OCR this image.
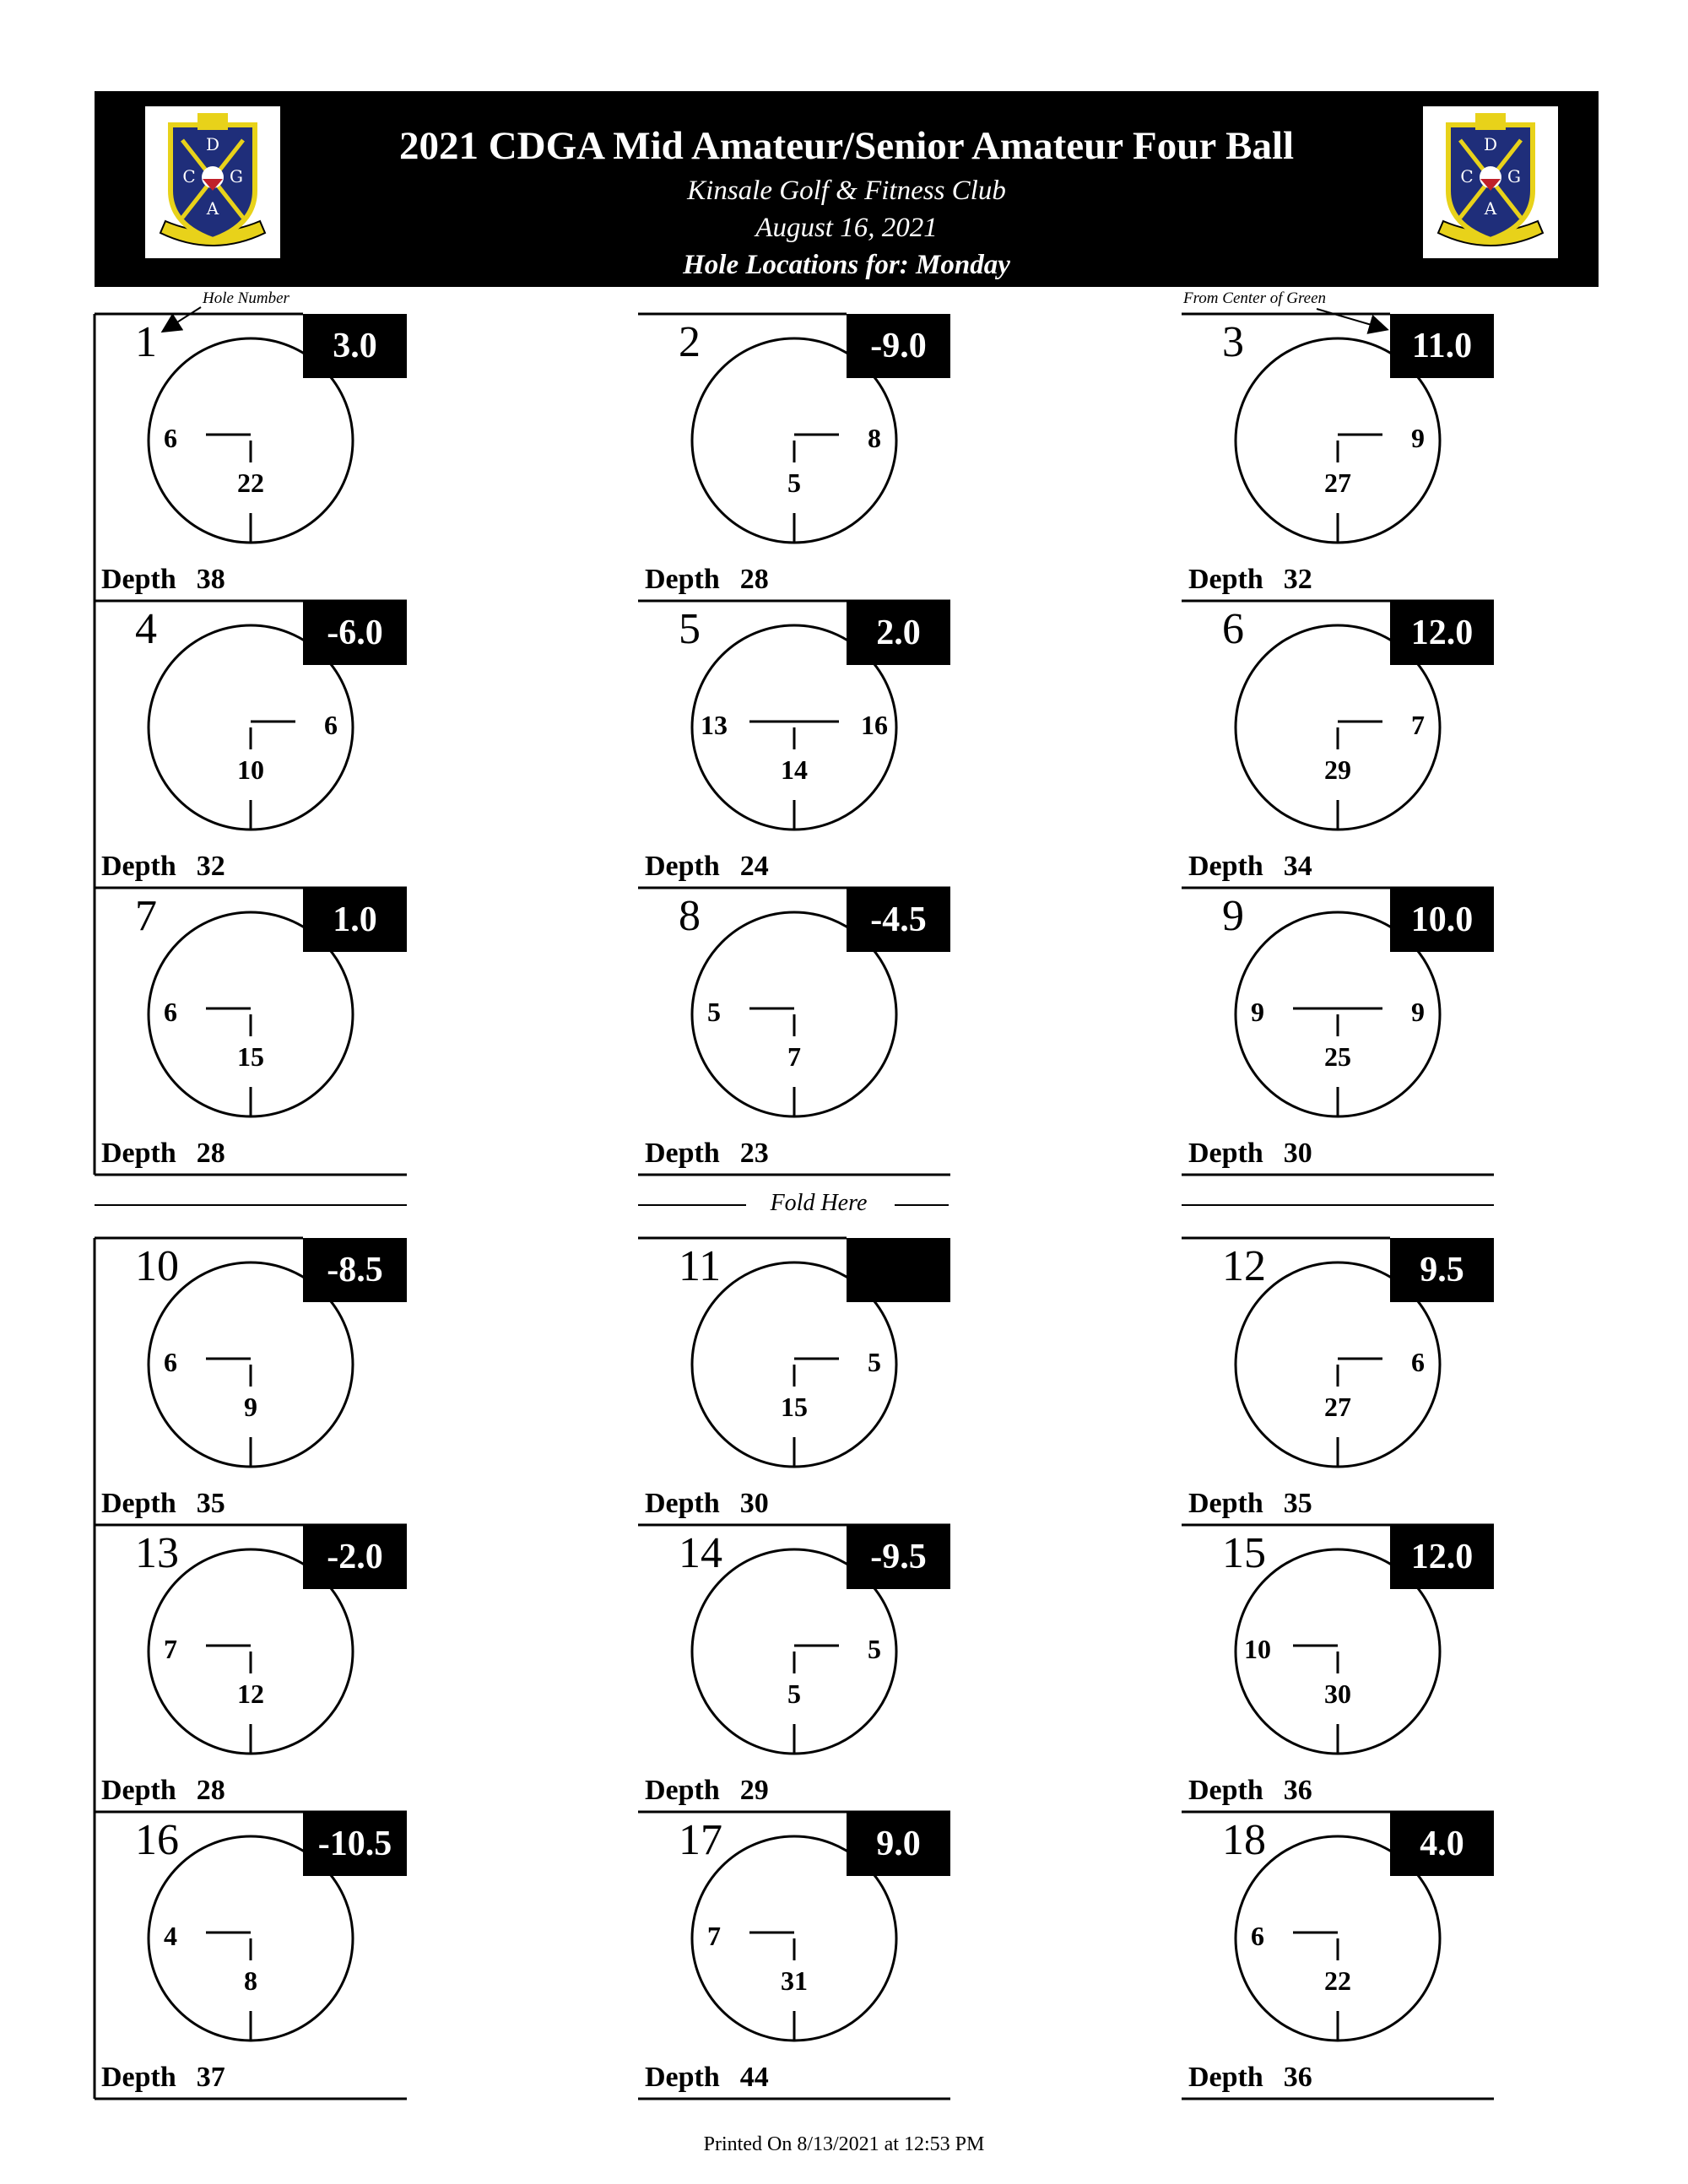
D
C G
A
2021 CDGA Mid Amateur/Senior Amateur Four Ball
Kinsale Golf & Fitness Club
August 16, 2021
Hole Locations for: Monday
D
C G
A
Hole Number	From Center of Green
1	3.0
6
22
Depth 38
2	-9.0
8
5
Depth 28
3	11.0
9
27
Depth 32
4	-6.0
6
10
Depth 32
5	2.0
13	16
14
Depth 24
6	12.0
7
29
Depth 34
7	1.0
6
15
Depth 28
8	-4.5
5
7
Depth 23
9	10.0
9	9
25
Depth 30
10	-8.5
6
9
Depth 35
11
5
15
Depth 30
12	9.5
6
27
Depth 35
13	-2.0
7
12
Depth 28
14	-9.5
5
5
Depth 29
15	12.0
10
30
Depth 36
16	-10.5
4
8
Depth 37
17	9.0
7
31
Depth 44
18	4.0
6
22
Depth 36
Fold Here
Printed On 8/13/2021 at 12:53 PM
